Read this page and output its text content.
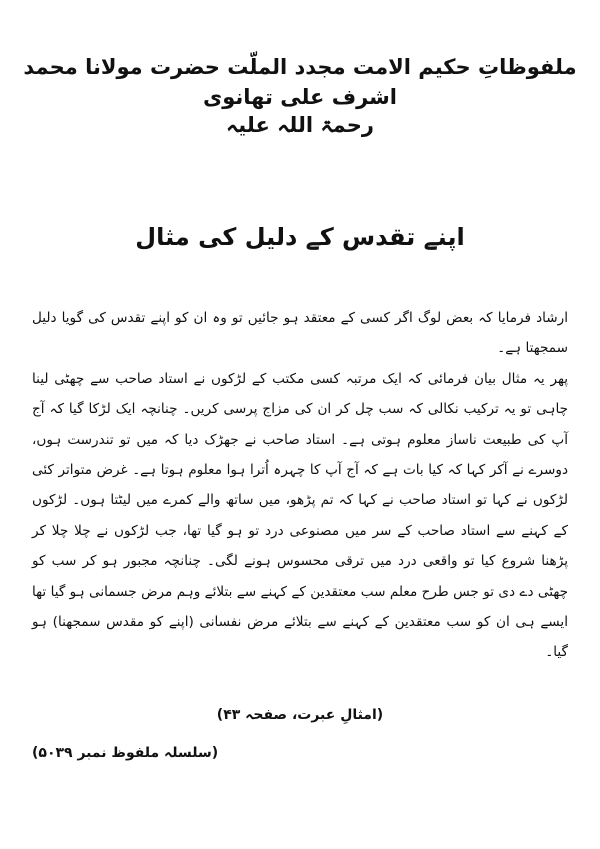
ملفوظاتِ حکیم الامت مجدد الملّت حضرت مولانا محمد اشرف علی تھانوی
رحمۃ اللہ علیہ
اپنے تقدس کے دلیل کی مثال

ارشاد فرمایا کہ بعض لوگ اگر کسی کے معتقد ہو جائیں تو وہ ان کو اپنے تقدس کی گویا دلیل سمجھتا ہے۔

پھر یہ مثال بیان فرمائی کہ ایک مرتبہ کسی مکتب کے لڑکوں نے استاد صاحب سے چھٹی لینا چاہی تو یہ ترکیب نکالی کہ سب چل کر ان کی مزاج پرسی کریں۔ چنانچہ ایک لڑکا گیا کہ آج آپ کی طبیعت ناساز معلوم ہوتی ہے۔ استاد صاحب نے جھڑک دیا کہ میں تو تندرست ہوں، دوسرے نے آکر کہا کہ کیا بات ہے کہ آج آپ کا چہرہ اُترا ہوا معلوم ہوتا ہے۔ غرض متواتر کئی لڑکوں نے کہا تو استاد صاحب نے کہا کہ تم پڑھو، میں ساتھ والے کمرے میں لیٹتا ہوں۔ لڑکوں کے کہنے سے استاد صاحب کے سر میں مصنوعی درد تو ہو گیا تھا، جب لڑکوں نے چلا چلا کر پڑھنا شروع کیا تو واقعی درد میں ترقی محسوس ہونے لگی۔ چنانچہ مجبور ہو کر سب کو چھٹی دے دی تو جس طرح معلم سب معتقدین کے کہنے سے بتلائے وہم مرض جسمانی ہو گیا تھا ایسے ہی ان کو سب معتقدین کے کہنے سے بتلائے مرض نفسانی (اپنے کو مقدس سمجھنا) ہو گیا۔

(امثالِ عبرت، صفحہ ۴۳)
(سلسلہ ملفوظ نمبر ۵۰۳۹)
